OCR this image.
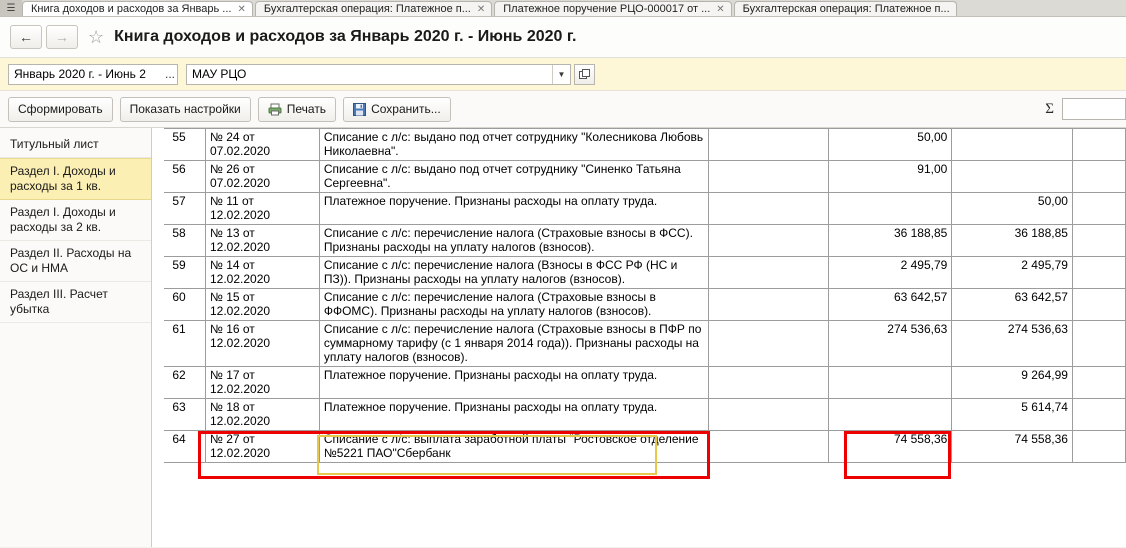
☰	Книга доходов и расходов за Январь ... ✕ Бухгалтерская операция: Платежное п... ✕ Платежное поручение РЦО-000017 от ... ✕ Бухгалтерская операция: Платежное п...
← → ☆ Книга доходов и расходов за Январь 2020 г. - Июнь 2020 г.
Январь 2020 г. - Июнь 2	...	МАУ РЦО	▼
Сформировать Показать настройки	Печать	Сохранить...	Σ
Титульный лист
Раздел I. Доходы и расходы за 1 кв.
Раздел I. Доходы и расходы за 2 кв.
Раздел II. Расходы на ОС и НМА
Раздел III. Расчет убытка
55	№ 24 от 07.02.2020	Списание с л/с: выдано под отчет сотруднику "Колесникова Любовь Николаевна".		50,00		
56	№ 26 от 07.02.2020	Списание с л/с: выдано под отчет сотруднику "Синенко Татьяна Сергеевна".		91,00		
57	№ 11 от 12.02.2020	Платежное поручение. Признаны расходы на оплату труда.			50,00	
58	№ 13 от 12.02.2020	Списание с л/с: перечисление налога (Страховые взносы в ФСС). Признаны расходы на уплату налогов (взносов).		36 188,85	36 188,85	
59	№ 14 от 12.02.2020	Списание с л/с: перечисление налога (Взносы в ФСС РФ (НС и ПЗ)). Признаны расходы на уплату налогов (взносов).		2 495,79	2 495,79	
60	№ 15 от 12.02.2020	Списание с л/с: перечисление налога (Страховые взносы в ФФОМС). Признаны расходы на уплату налогов (взносов).		63 642,57	63 642,57	
61	№ 16 от 12.02.2020	Списание с л/с: перечисление налога (Страховые взносы в ПФР по суммарному тарифу (с 1 января 2014 года)). Признаны расходы на уплату налогов (взносов).		274 536,63	274 536,63	
62	№ 17 от 12.02.2020	Платежное поручение. Признаны расходы на оплату труда.			9 264,99	
63	№ 18 от 12.02.2020	Платежное поручение. Признаны расходы на оплату труда.			5 614,74	
64	№ 27 от 12.02.2020	Списание с л/с: выплата заработной платы "Ростовское отделение №5221 ПАО"Сбербанк		74 558,36	74 558,36	
